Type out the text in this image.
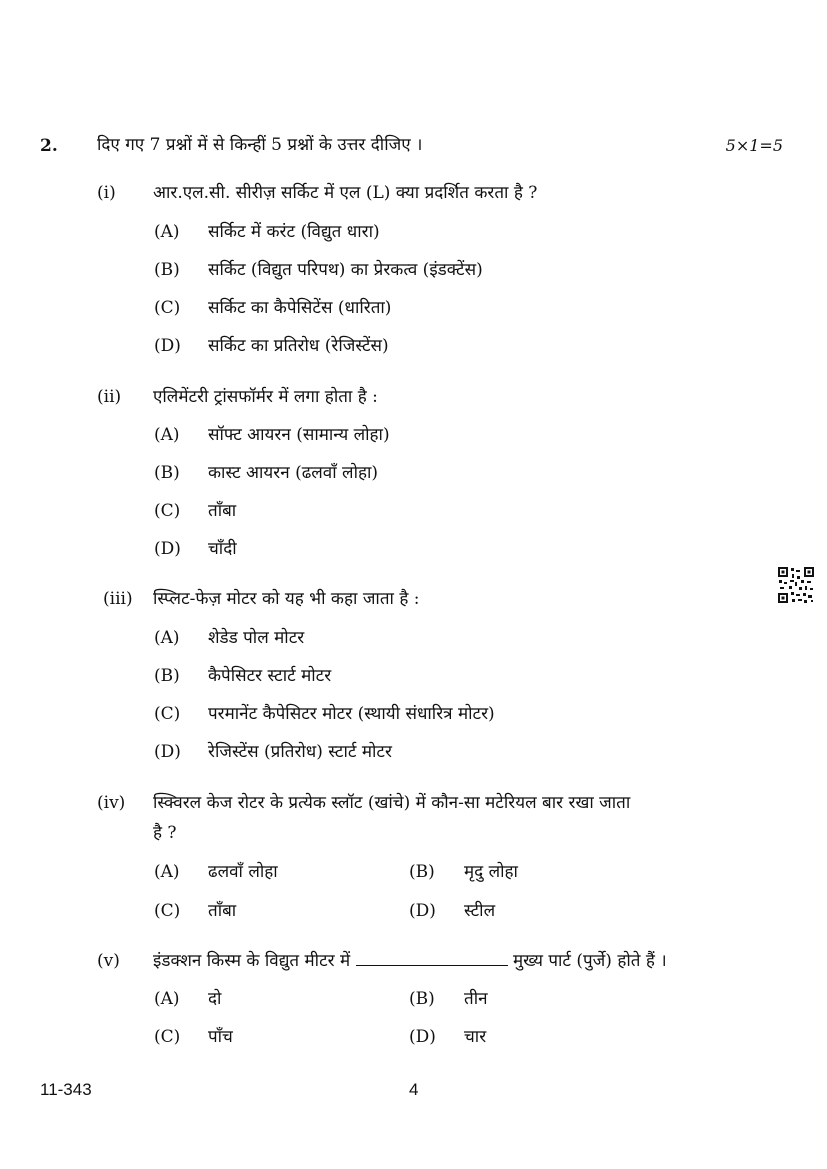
2. दिए गए 7 प्रश्नों में से किन्हीं 5 प्रश्नों के उत्तर दीजिए ।	5×1=5
(i) आर.एल.सी. सीरीज़ सर्किट में एल (L) क्या प्रदर्शित करता है ?
(A) सर्किट में करंट (विद्युत धारा)
(B) सर्किट (विद्युत परिपथ) का प्रेरकत्व (इंडक्टेंस)
(C) सर्किट का कैपेसिटेंस (धारिता)
(D) सर्किट का प्रतिरोध (रेजिस्टेंस)
(ii) एलिमेंटरी ट्रांसफॉर्मर में लगा होता है :
(A) सॉफ्ट आयरन (सामान्य लोहा)
(B) कास्ट आयरन (ढलवाँ लोहा)
(C) ताँबा
(D) चाँदी
(iii) स्प्लिट-फेज़ मोटर को यह भी कहा जाता है :
(A) शेडेड पोल मोटर
(B) कैपेसिटर स्टार्ट मोटर
(C) परमानेंट कैपेसिटर मोटर (स्थायी संधारित्र मोटर)
(D) रेजिस्टेंस (प्रतिरोध) स्टार्ट मोटर
(iv) स्क्विरल केज रोटर के प्रत्येक स्लॉट (खांचे) में कौन-सा मटेरियल बार रखा जाता
है ?
(A) ढलवाँ लोहा	(B) मृदु लोहा
(C) ताँबा	(D) स्टील
(v) इंडक्शन किस्म के विद्युत मीटर में	मुख्य पार्ट (पुर्जे) होते हैं ।
(A) दो	(B) तीन
(C) पाँच	(D) चार
11-343	4
